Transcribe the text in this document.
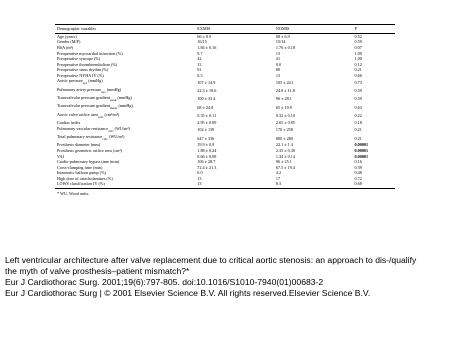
Demographic variables	EXMIS	NOMIS	P
Age (years)	66 ± 8.9	68 ± 6.9	0.52
Gender (M/F)	16/15	15/14	0.59
BSA (m²)	1.84 ± 0.16	1.76 ± 0.18	0.07
Preoperative myocardial infarction (%)	9.7	13	1.00
Preoperative syncope (%)	42	41	1.00
Preoperative thromboembolism (%)	13	0.0	0.12
Preoperative sinus rhythm (%)	91	80	0.21
Preoperative NYHA IV (%)	6.5	13	0.66
Aortic pressure$_{sys}$ (mmHg)	107 ± 14.9	105 ± 24.1	0.73
Pulmonary artery pressure$_{sys}$ (mmHg)	22.3 ± 10.6	24.0 ± 11.8	0.59
Transvalvular pressure gradient$_{peak}$ (mmHg)	100 ± 33.4	96 ± 28.1	0.59
Transvalvular pressure gradient$_{mean}$ (mmHg)	68 ± 24.8	65 ± 19.9	0.63
Aortic valve orifice area$_{calc}$ (cm²/m²)	0.35 ± 0.11	0.32 ± 0.10	0.22
Cardiac index	2.95 ± 0.89	2.65 ± 0.85	0.18
Pulmonary vascular resistance$_{calc}$ (WU/m²)	102 ± 139	170 ± 258	0.21
Total pulmonary resistance$_{calc}$ (WU/m²)	647 ± 336	800 ± 280	0.21
Prosthesis diameter (mm)	19.9 ± 0.9	22.1 ± 1.4	0.00001
Prosthesis geometric orifice area (cm²)	1.88 ± 0.24	2.35 ± 0.38	0.00001
VAI	0.66 ± 0.08	1.34 ± 0.14	0.00001
Cardio-pulmonary bypass time (min)	106 ± 28.7	96 ± 25.1	0.16
Cross-clamping time (min)	72.4 ± 21.3	67.5 ± 19.4	0.39
Intraaortic balloon pump (%)	0.0	4.2	0.48
High dose of catecholamines (%)	13	17	0.72
LOWS classification IV (%)	13	8.3	0.68
* WU, Wood units.
Left ventricular architecture after valve replacement due to critical aortic stenosis: an approach to dis-/qualify
the myth of valve prosthesis–patient mismatch?*
Eur J Cardiothorac Surg. 2001;19(6):797-805. doi:10.1016/S1010-7940(01)00683-2
Eur J Cardiothorac Surg | © 2001 Elsevier Science B.V. All rights reserved.Elsevier Science B.V.
